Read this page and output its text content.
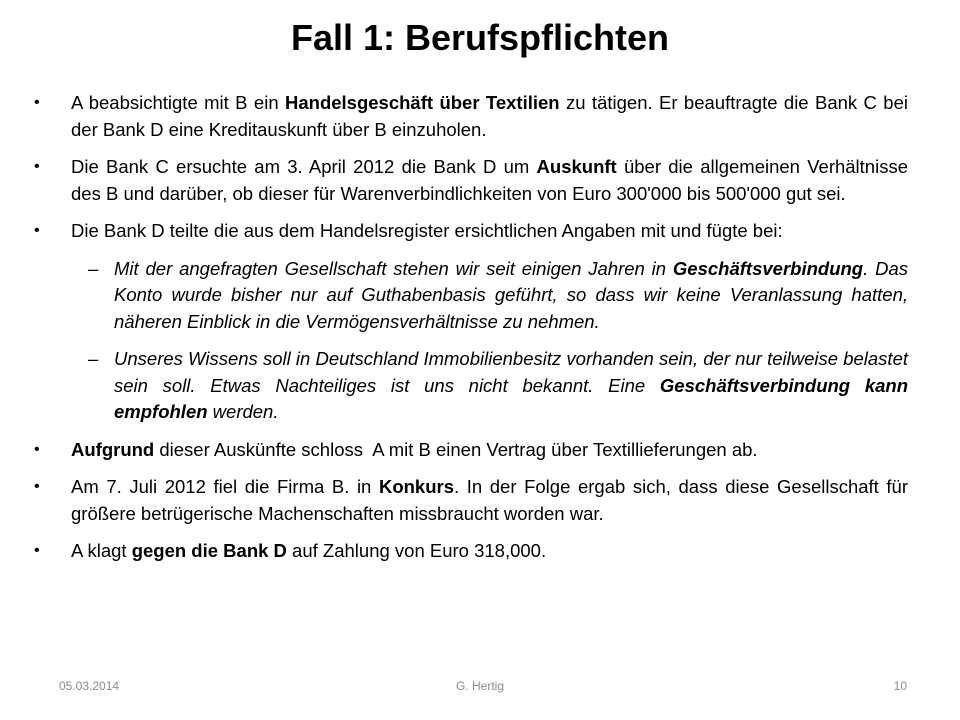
Fall 1: Berufspflichten
• A beabsichtigte mit B ein Handelsgeschäft über Textilien zu tätigen. Er beauftragte die Bank C bei der Bank D eine Kreditauskunft über B einzuholen.
• Die Bank C ersuchte am 3. April 2012 die Bank D um Auskunft über die allgemeinen Verhältnisse des B und darüber, ob dieser für Warenverbindlichkeiten von Euro 300'000 bis 500'000 gut sei.
• Die Bank D teilte die aus dem Handelsregister ersichtlichen Angaben mit und fügte bei:
– Mit der angefragten Gesellschaft stehen wir seit einigen Jahren in Geschäftsverbindung. Das Konto wurde bisher nur auf Guthabenbasis geführt, so dass wir keine Veranlassung hatten, näheren Einblick in die Vermögensverhältnisse zu nehmen.
– Unseres Wissens soll in Deutschland Immobilienbesitz vorhanden sein, der nur teilweise belastet sein soll. Etwas Nachteiliges ist uns nicht bekannt. Eine Geschäftsverbindung kann empfohlen werden.
• Aufgrund dieser Auskünfte schloss  A mit B einen Vertrag über Textillieferungen ab.
• Am 7. Juli 2012 fiel die Firma B. in Konkurs. In der Folge ergab sich, dass diese Gesellschaft für größere betrügerische Machenschaften missbraucht worden war.
• A klagt gegen die Bank D auf Zahlung von Euro 318,000.
G. Hertig
05.03.2014	10
